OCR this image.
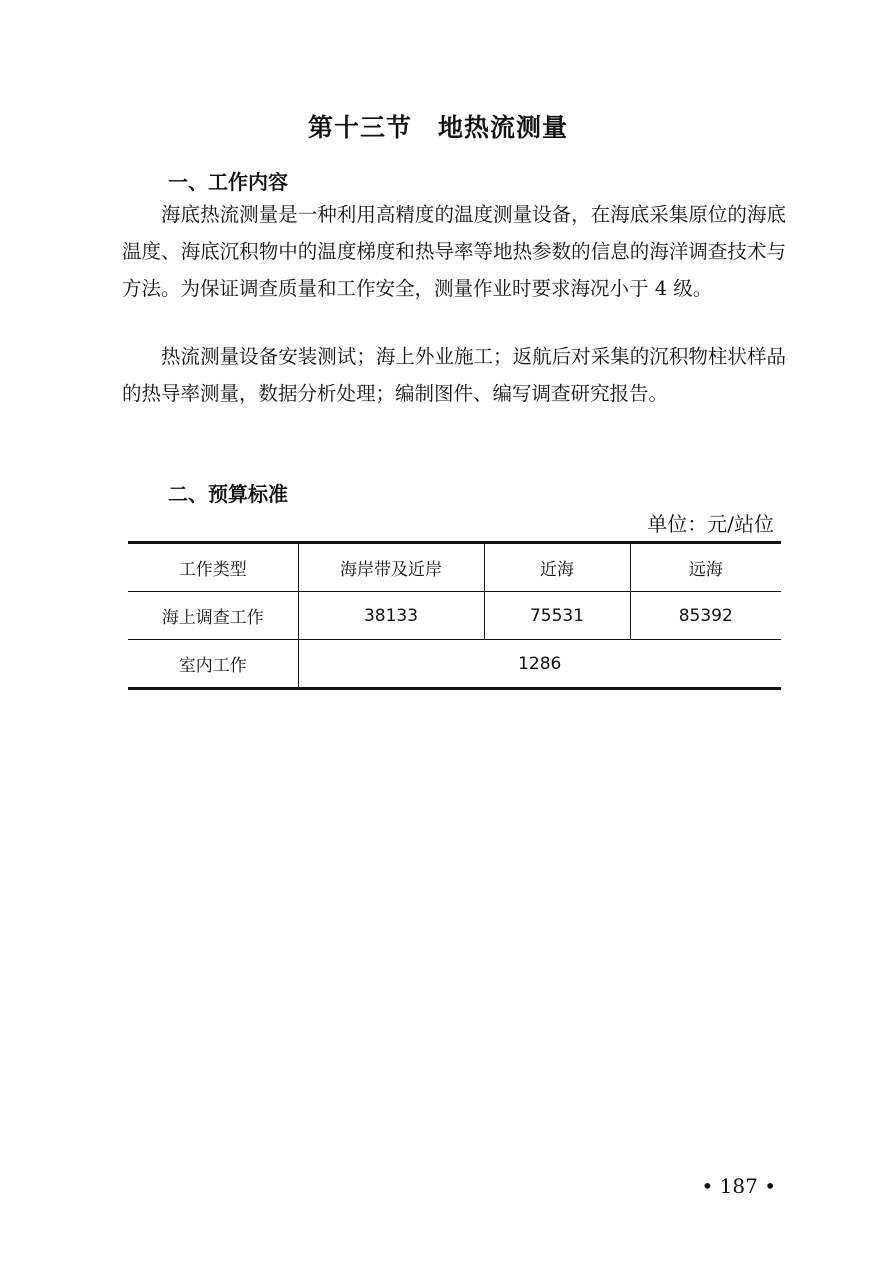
第十三节　地热流测量
一、工作内容

海底热流测量是一种利用高精度的温度测量设备，在海底采集原位的海底温度、海底沉积物中的温度梯度和热导率等地热参数的信息的海洋调查技术与方法。为保证调查质量和工作安全，测量作业时要求海况小于 4 级。

热流测量设备安装测试；海上外业施工；返航后对采集的沉积物柱状样品的热导率测量，数据分析处理；编制图件、编写调查研究报告。

二、预算标准
单位：元/站位
工作类型	海岸带及近岸	近海	远海
海上调查工作	38133	75531	85392
室内工作	1286		
• 187 •
